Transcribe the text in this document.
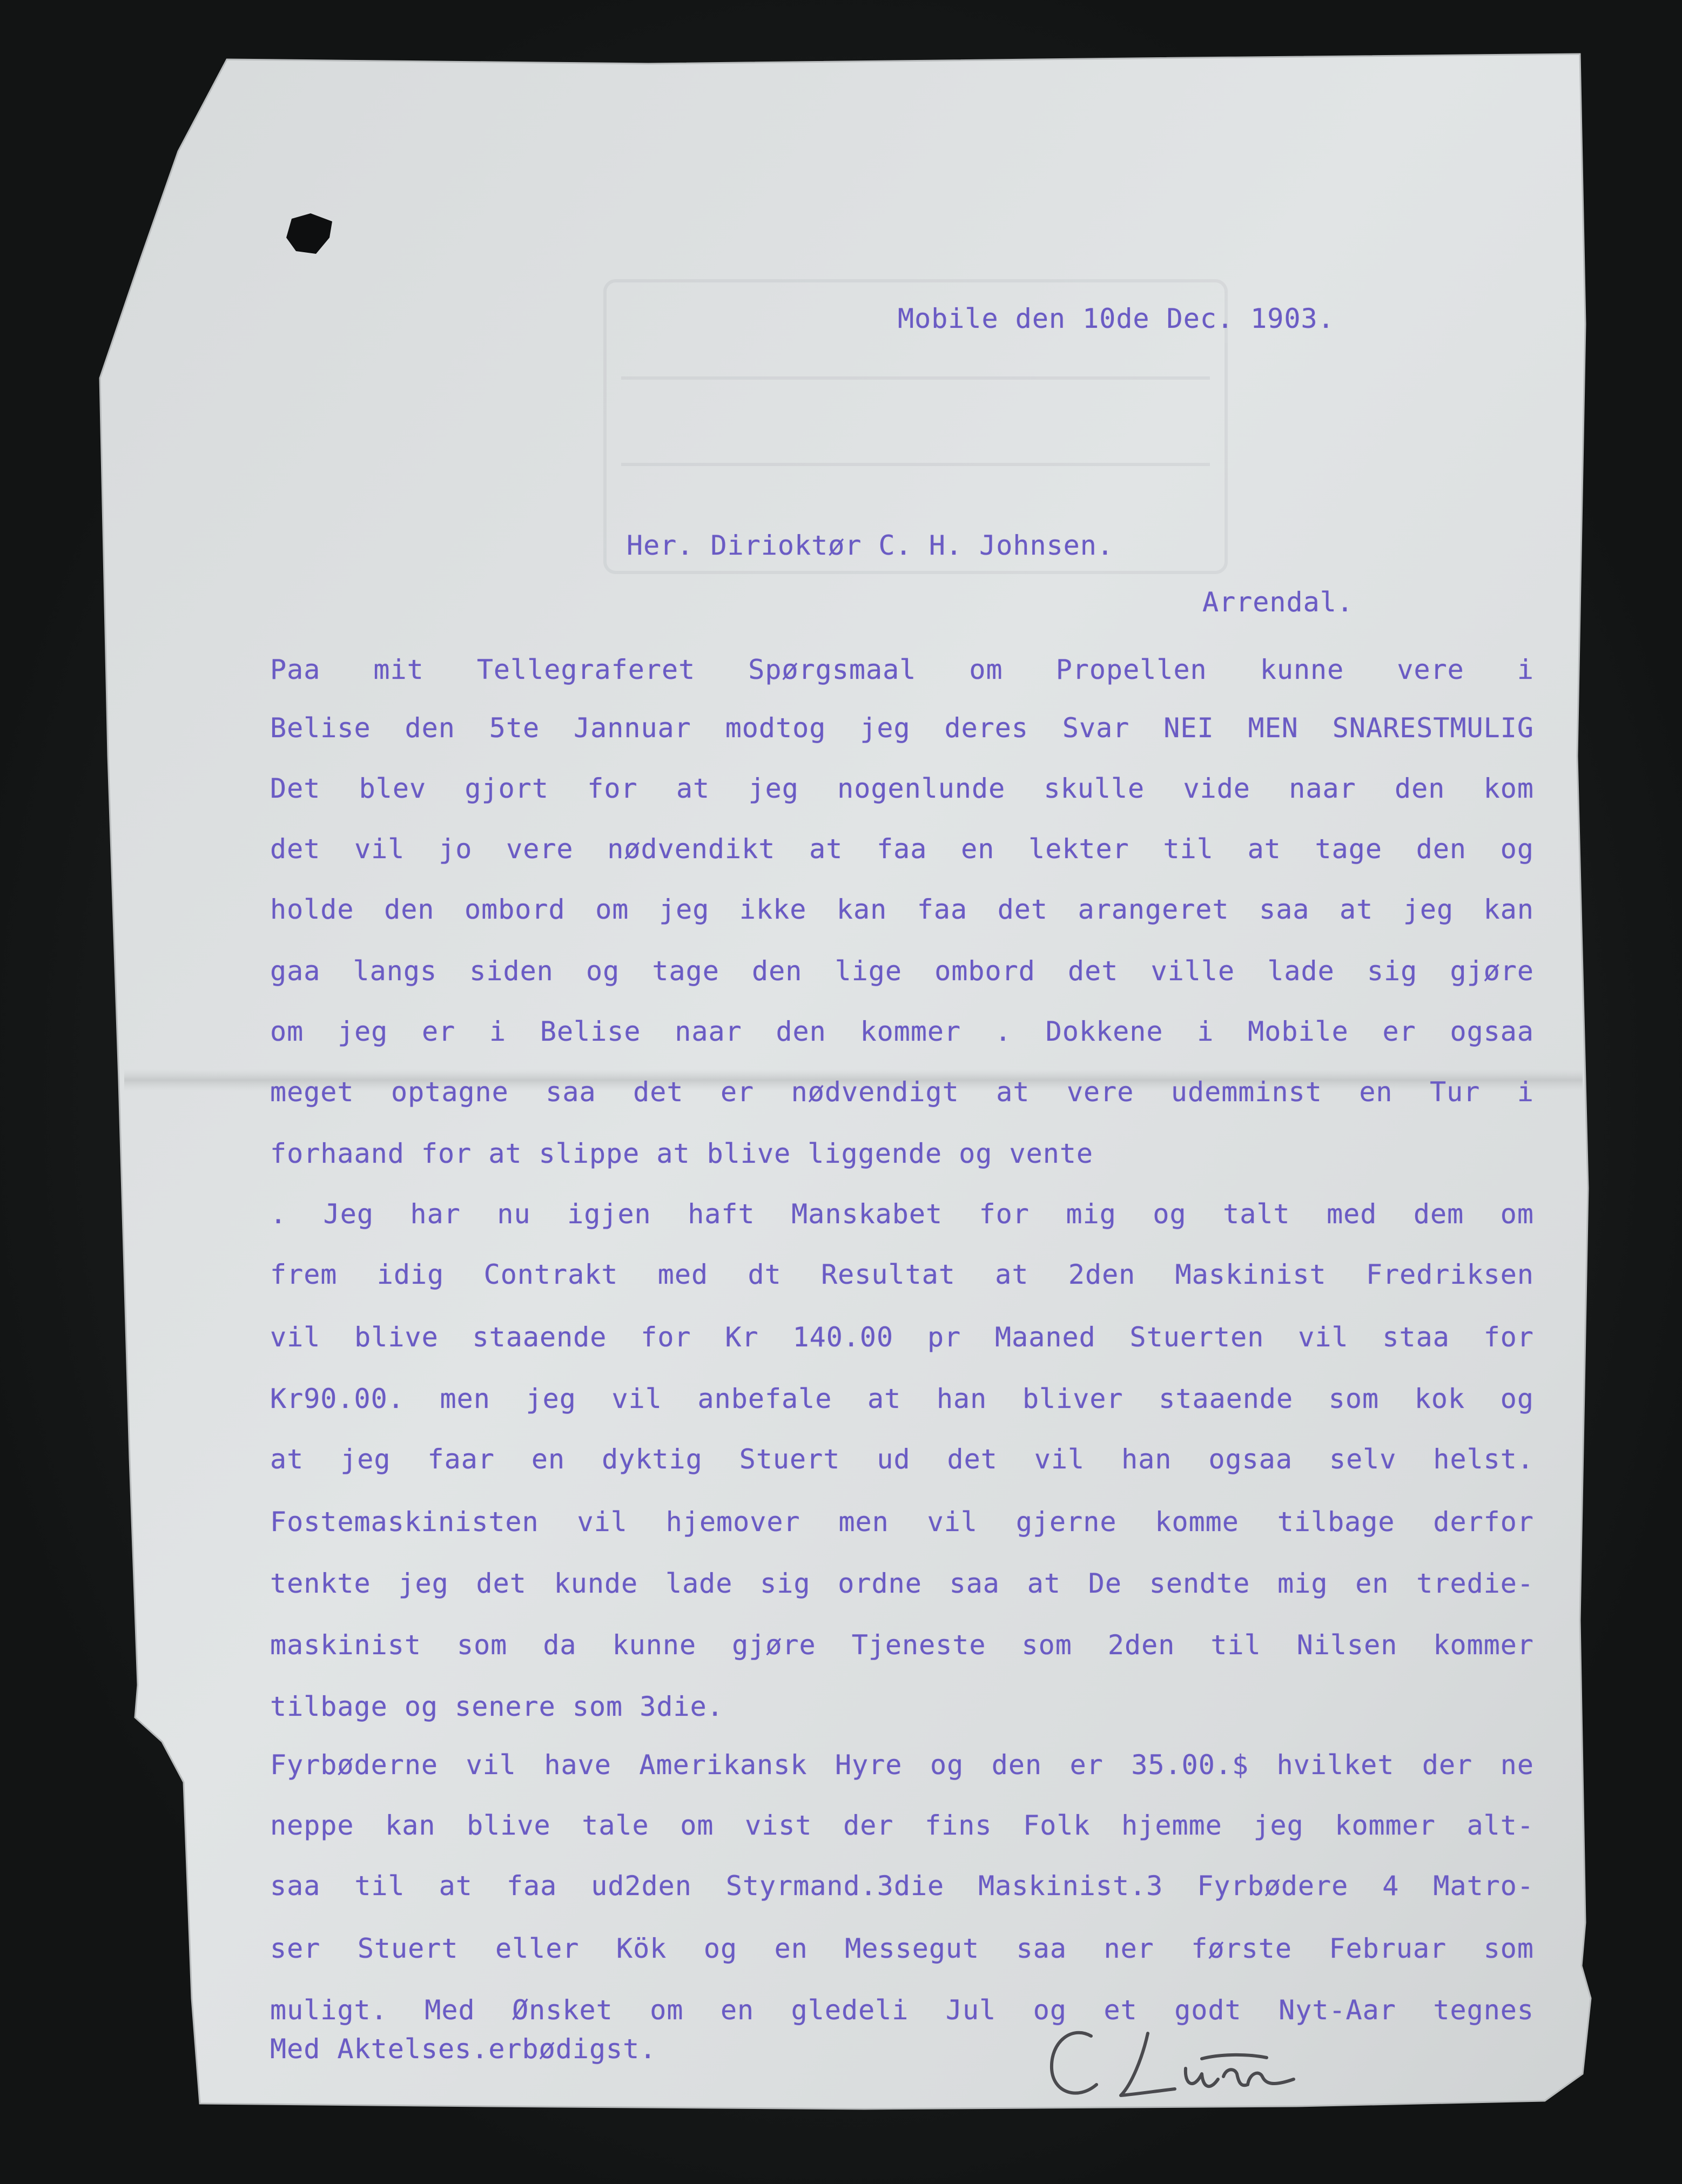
Mobile den 10de Dec. 1903.
Her. Dirioktør C. H. Johnsen.
Arrendal.
Paa mit Tellegraferet Spørgsmaal om Propellen kunne vere i
Belise den 5te Jannuar modtog jeg deres Svar NEI MEN SNARESTMULIG
Det blev gjort for at jeg nogenlunde skulle vide naar den kom
det vil jo vere nødvendikt at faa en lekter til at tage den og
holde den ombord om jeg ikke kan faa det arangeret saa at jeg kan
gaa langs siden og tage den lige ombord det ville lade sig gjøre
om jeg er i Belise naar den kommer . Dokkene i Mobile er ogsaa
meget optagne saa det er nødvendigt at vere udemminst en Tur i
forhaand for at slippe at blive liggende og vente
. Jeg har nu igjen haft Manskabet for mig og talt med dem om
frem idig Contrakt med dt Resultat at 2den Maskinist Fredriksen
vil blive staaende for Kr 140.00 pr Maaned Stuerten vil staa for
Kr90.00. men jeg vil anbefale at han bliver staaende som kok og
at jeg faar en dyktig Stuert ud det vil han ogsaa selv helst.
Fostemaskinisten vil hjemover men vil gjerne komme tilbage derfor
tenkte jeg det kunde lade sig ordne saa at De sendte mig en tredie-
maskinist som da kunne gjøre Tjeneste som 2den til Nilsen kommer
tilbage og senere som 3die.
Fyrbøderne vil have Amerikansk Hyre og den er 35.00.$ hvilket der ne
neppe kan blive tale om vist der fins Folk hjemme jeg kommer alt-
saa til at faa ud2den Styrmand.3die Maskinist.3 Fyrbødere 4 Matro-
ser Stuert eller Kök og en Messegut saa ner første Februar som
muligt. Med Ønsket om en gledeli Jul og et godt Nyt-Aar tegnes
Med Aktelses.erbødigst.
